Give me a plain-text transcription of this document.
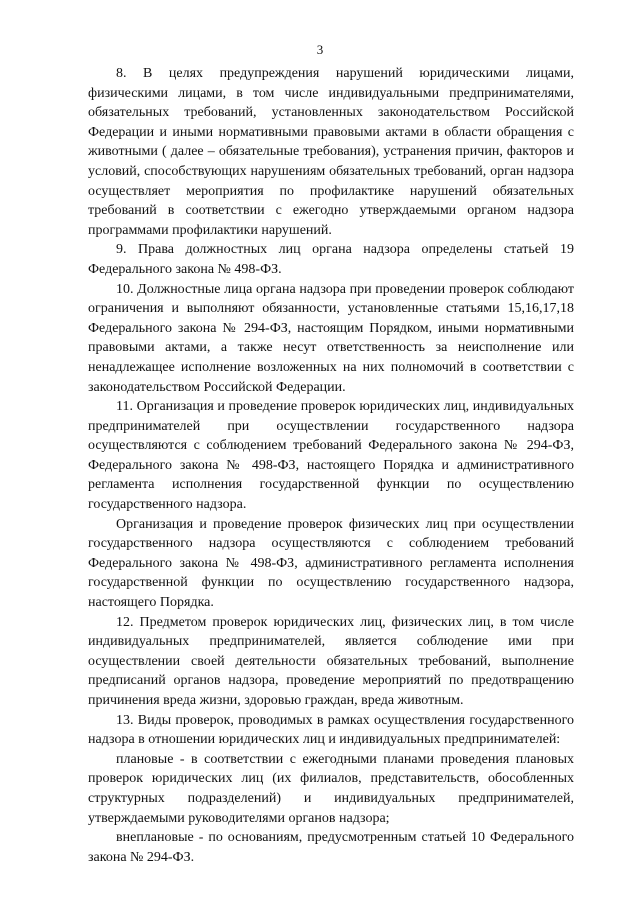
3

8. В целях предупреждения нарушений юридическими лицами, физическими лицами, в том числе индивидуальными предпринимателями, обязательных требований, установленных законодательством Российской Федерации и иными нормативными правовыми актами в области обращения с животными ( далее – обязательные требования), устранения причин, факторов и условий, способствующих нарушениям обязательных требований, орган надзора осуществляет мероприятия по профилактике нарушений обязательных требований в соответствии с ежегодно утверждаемыми органом надзора программами профилактики нарушений.

9. Права должностных лиц органа надзора определены статьей 19 Федерального закона № 498-ФЗ.

10. Должностные лица органа надзора при проведении проверок соблюдают ограничения и выполняют обязанности, установленные статьями 15,16,17,18 Федерального закона № 294-ФЗ, настоящим Порядком, иными нормативными правовыми актами, а также несут ответственность за неисполнение или ненадлежащее исполнение возложенных на них полномочий в соответствии с законодательством Российской Федерации.

11. Организация и проведение проверок юридических лиц, индивидуальных предпринимателей при осуществлении государственного надзора осуществляются с соблюдением требований Федерального закона № 294-ФЗ, Федерального закона № 498-ФЗ, настоящего Порядка и административного регламента исполнения государственной функции по осуществлению государственного надзора.

Организация и проведение проверок физических лиц при осуществлении государственного надзора осуществляются с соблюдением требований Федерального закона № 498-ФЗ, административного регламента исполнения государственной функции по осуществлению государственного надзора, настоящего Порядка.

12. Предметом проверок юридических лиц, физических лиц, в том числе индивидуальных предпринимателей, является соблюдение ими при осуществлении своей деятельности обязательных требований, выполнение предписаний органов надзора, проведение мероприятий по предотвращению причинения вреда жизни, здоровью граждан, вреда животным.

13. Виды проверок, проводимых в рамках осуществления государственного надзора в отношении юридических лиц и индивидуальных предпринимателей:

плановые - в соответствии с ежегодными планами проведения плановых проверок юридических лиц (их филиалов, представительств, обособленных структурных подразделений) и индивидуальных предпринимателей, утверждаемыми руководителями органов надзора;

внеплановые - по основаниям, предусмотренным статьей 10 Федерального закона № 294-ФЗ.
